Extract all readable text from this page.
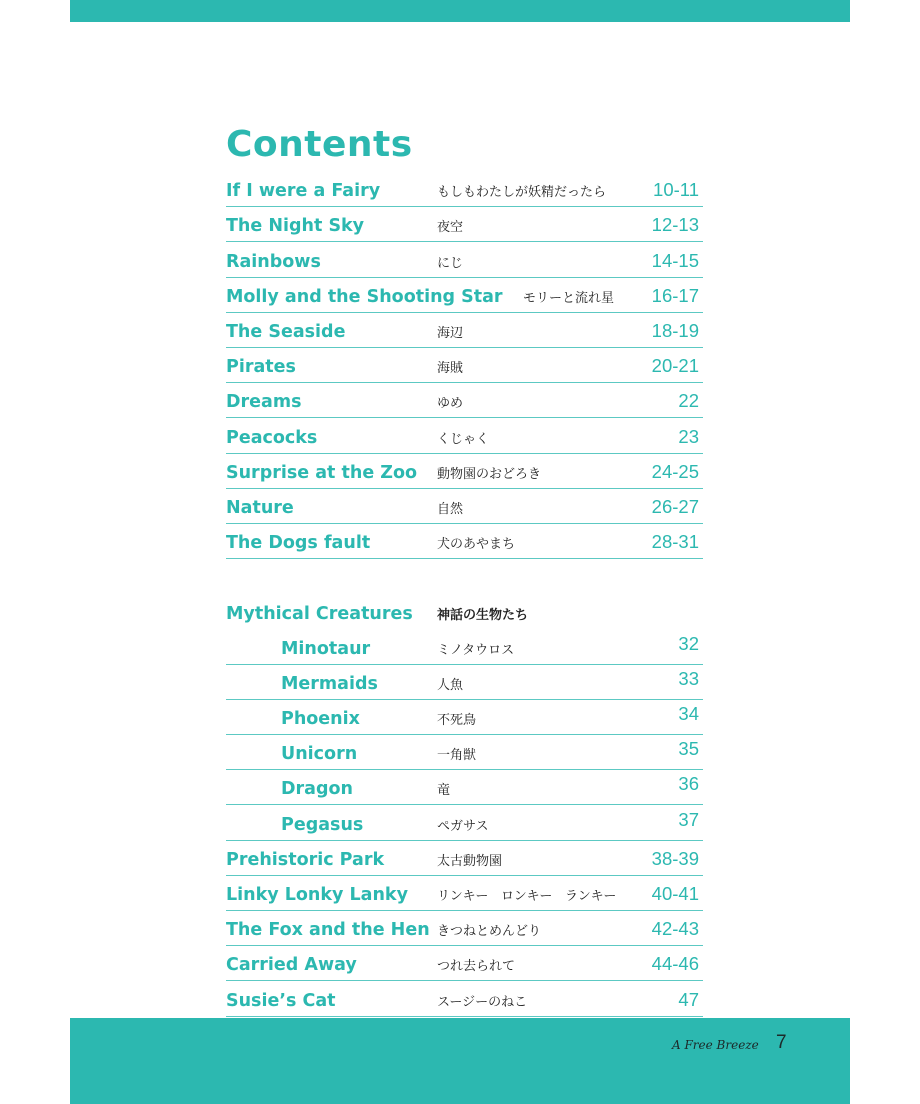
Contents
If I were a Fairy	もしもわたしが妖精だったら	10-11
The Night Sky	夜空	12-13
Rainbows	にじ	14-15
Molly and the Shooting Star モリーと流れ星 16-17
The Seaside	海辺	18-19
Pirates	海賊	20-21
Dreams	ゆめ	22
Peacocks	くじゃく	23
Surprise at the Zoo 動物園のおどろき	24-25
Nature	自然	26-27
The Dogs fault	犬のあやまち	28-31
Mythical Creatures 神話の生物たち
Minotaur	ミノタウロス	32
Mermaids	人魚	33
Phoenix	不死鳥	34
Unicorn	一角獣	35
Dragon	竜	36
Pegasus	ペガサス	37
Prehistoric Park	太古動物園	38-39
Linky Lonky Lanky リンキー　ロンキー　ランキー 40-41
The Fox and the Hen きつねとめんどり	42-43
Carried Away	つれ去られて	44-46
Susie’s Cat	スージーのねこ	47
A Free Breeze 7
